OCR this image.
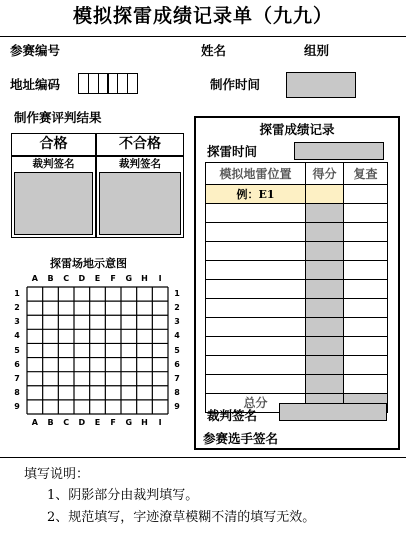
模拟探雷成绩记录单（九九）
参赛编号	姓名	组别
地址编码	制作时间
制作赛评判结果
合格	不合格
裁判签名	裁判签名
探雷场地示意图
A	B	C	D	E	F	G	H	I
A	B	C	D	E	F	G	H	I
1
2
3
4
5
6
7
8
9
1
2
3
4
5
6
7
8
9
探雷成绩记录
探雷时间
模拟地雷位置 得分 复查
例：E1
总分
裁判签名
参赛选手签名
填写说明：
1、阴影部分由裁判填写。
2、规范填写，字迹潦草模糊不清的填写无效。
